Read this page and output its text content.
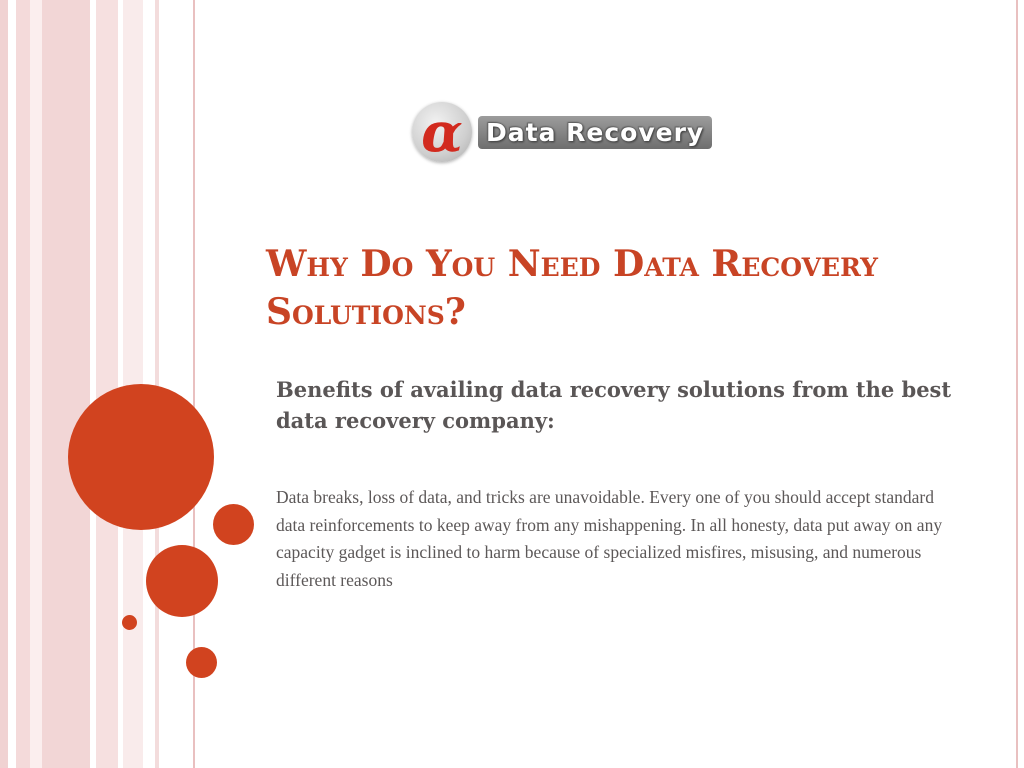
α Data Recovery
Why Do You Need Data Recovery Solutions?

Benefits of availing data recovery solutions from the best data recovery company:

Data breaks, loss of data, and tricks are unavoidable. Every one of you should accept standard data reinforcements to keep away from any mishappening. In all honesty, data put away on any capacity gadget is inclined to harm because of specialized misfires, misusing, and numerous different reasons
